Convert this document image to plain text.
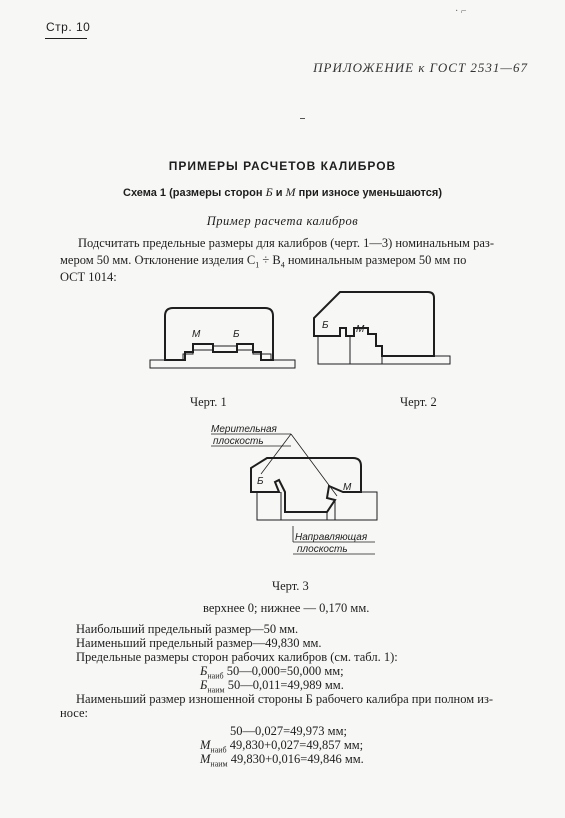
Стр. 10
· ⌐
ПРИЛОЖЕНИЕ к ГОСТ 2531—67
ПРИМЕРЫ РАСЧЕТОВ КАЛИБРОВ
Схема 1 (размеры сторон Б и М при износе уменьшаются)
Пример расчета калибров
Подсчитать предельные размеры для калибров (черт. 1—3) номинальным раз-
мером 50 мм. Отклонение изделия $C_1 \div B_4$ номинальным размером 50 мм по
ОСТ 1014:
М	Б
Черт. 1
Б	М
Черт. 2
Мерительная
плоскость
Б
М
Направляющая
плоскость
Черт. 3
верхнее 0; нижнее — 0,170 мм.
Наибольший предельный размер—50 мм.
Наименьший предельный размер—49,830 мм.
Предельные размеры сторон рабочих калибров (см. табл. 1):
$Б_{наиб}$ 50—0,000=50,000 мм;
$Б_{наим}$ 50—0,011=49,989 мм.
Наименьший размер изношенной стороны Б рабочего калибра при полном из-
носе:
50—0,027=49,973 мм;
$М_{наиб}$ 49,830+0,027=49,857 мм;
$М_{наим}$ 49,830+0,016=49,846 мм.
